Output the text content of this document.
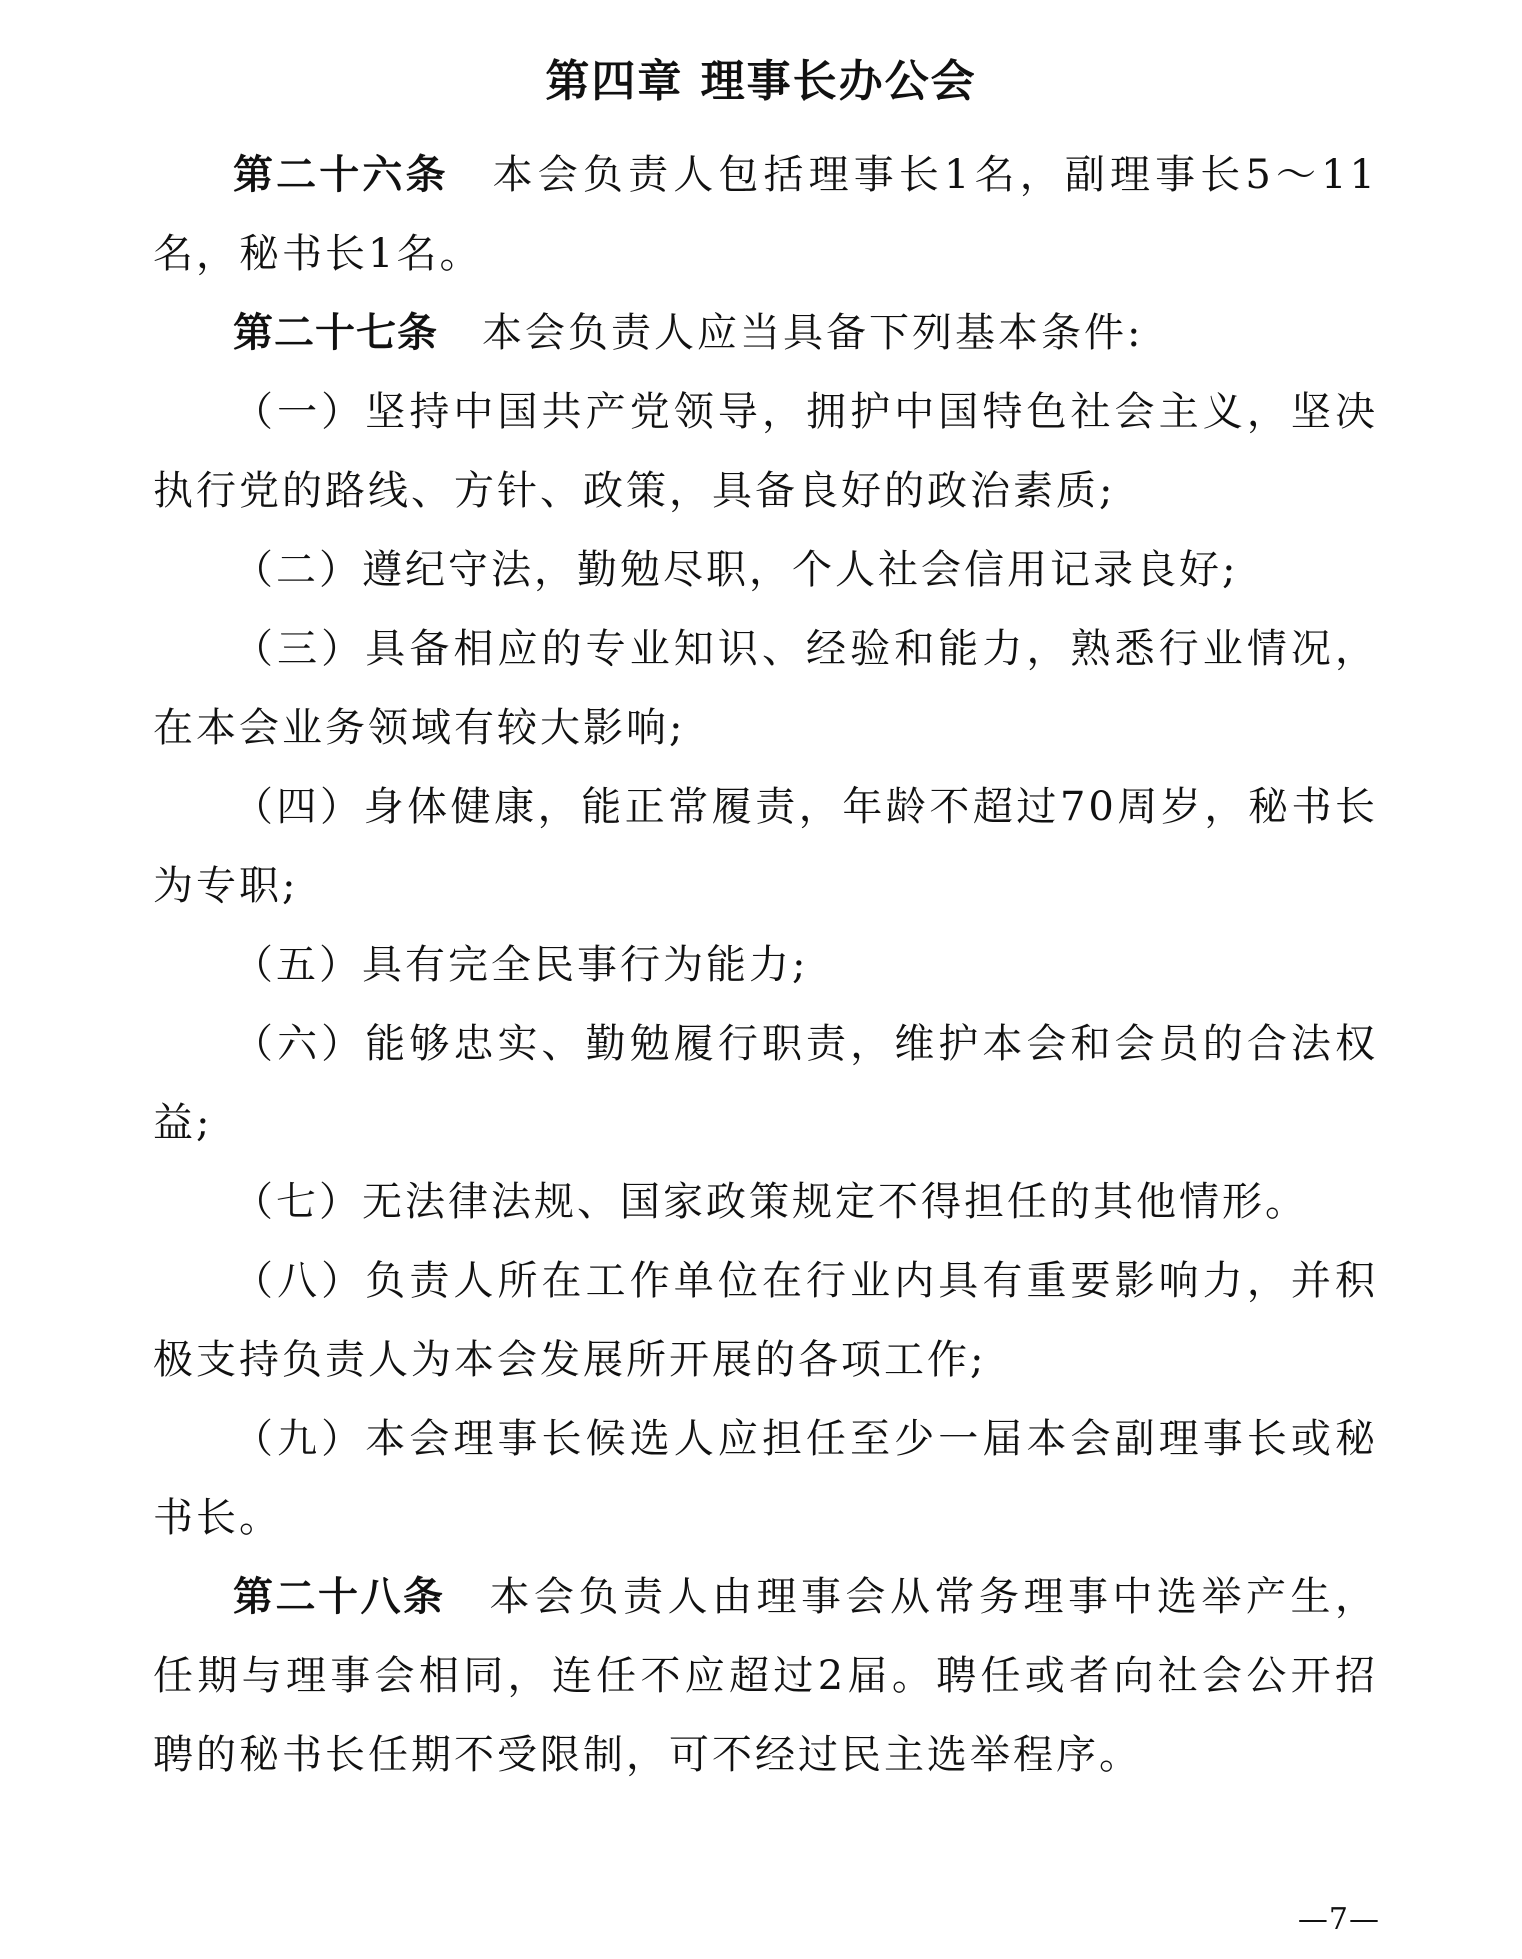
第四章 理事长办公会

第二十六条 本会负责人包括理事长1名，副理事长5～11名，秘书长1名。

第二十七条 本会负责人应当具备下列基本条件:

（一）坚持中国共产党领导，拥护中国特色社会主义，坚决执行党的路线、方针、政策，具备良好的政治素质;

（二）遵纪守法，勤勉尽职，个人社会信用记录良好;

（三）具备相应的专业知识、经验和能力，熟悉行业情况，在本会业务领域有较大影响;

（四）身体健康，能正常履责，年龄不超过70周岁，秘书长为专职;

（五）具有完全民事行为能力;

（六）能够忠实、勤勉履行职责，维护本会和会员的合法权益;

（七）无法律法规、国家政策规定不得担任的其他情形。

（八）负责人所在工作单位在行业内具有重要影响力，并积极支持负责人为本会发展所开展的各项工作;

（九）本会理事长候选人应担任至少一届本会副理事长或秘书长。

第二十八条 本会负责人由理事会从常务理事中选举产生，任期与理事会相同，连任不应超过2届。聘任或者向社会公开招聘的秘书长任期不受限制，可不经过民主选举程序。

—7—
